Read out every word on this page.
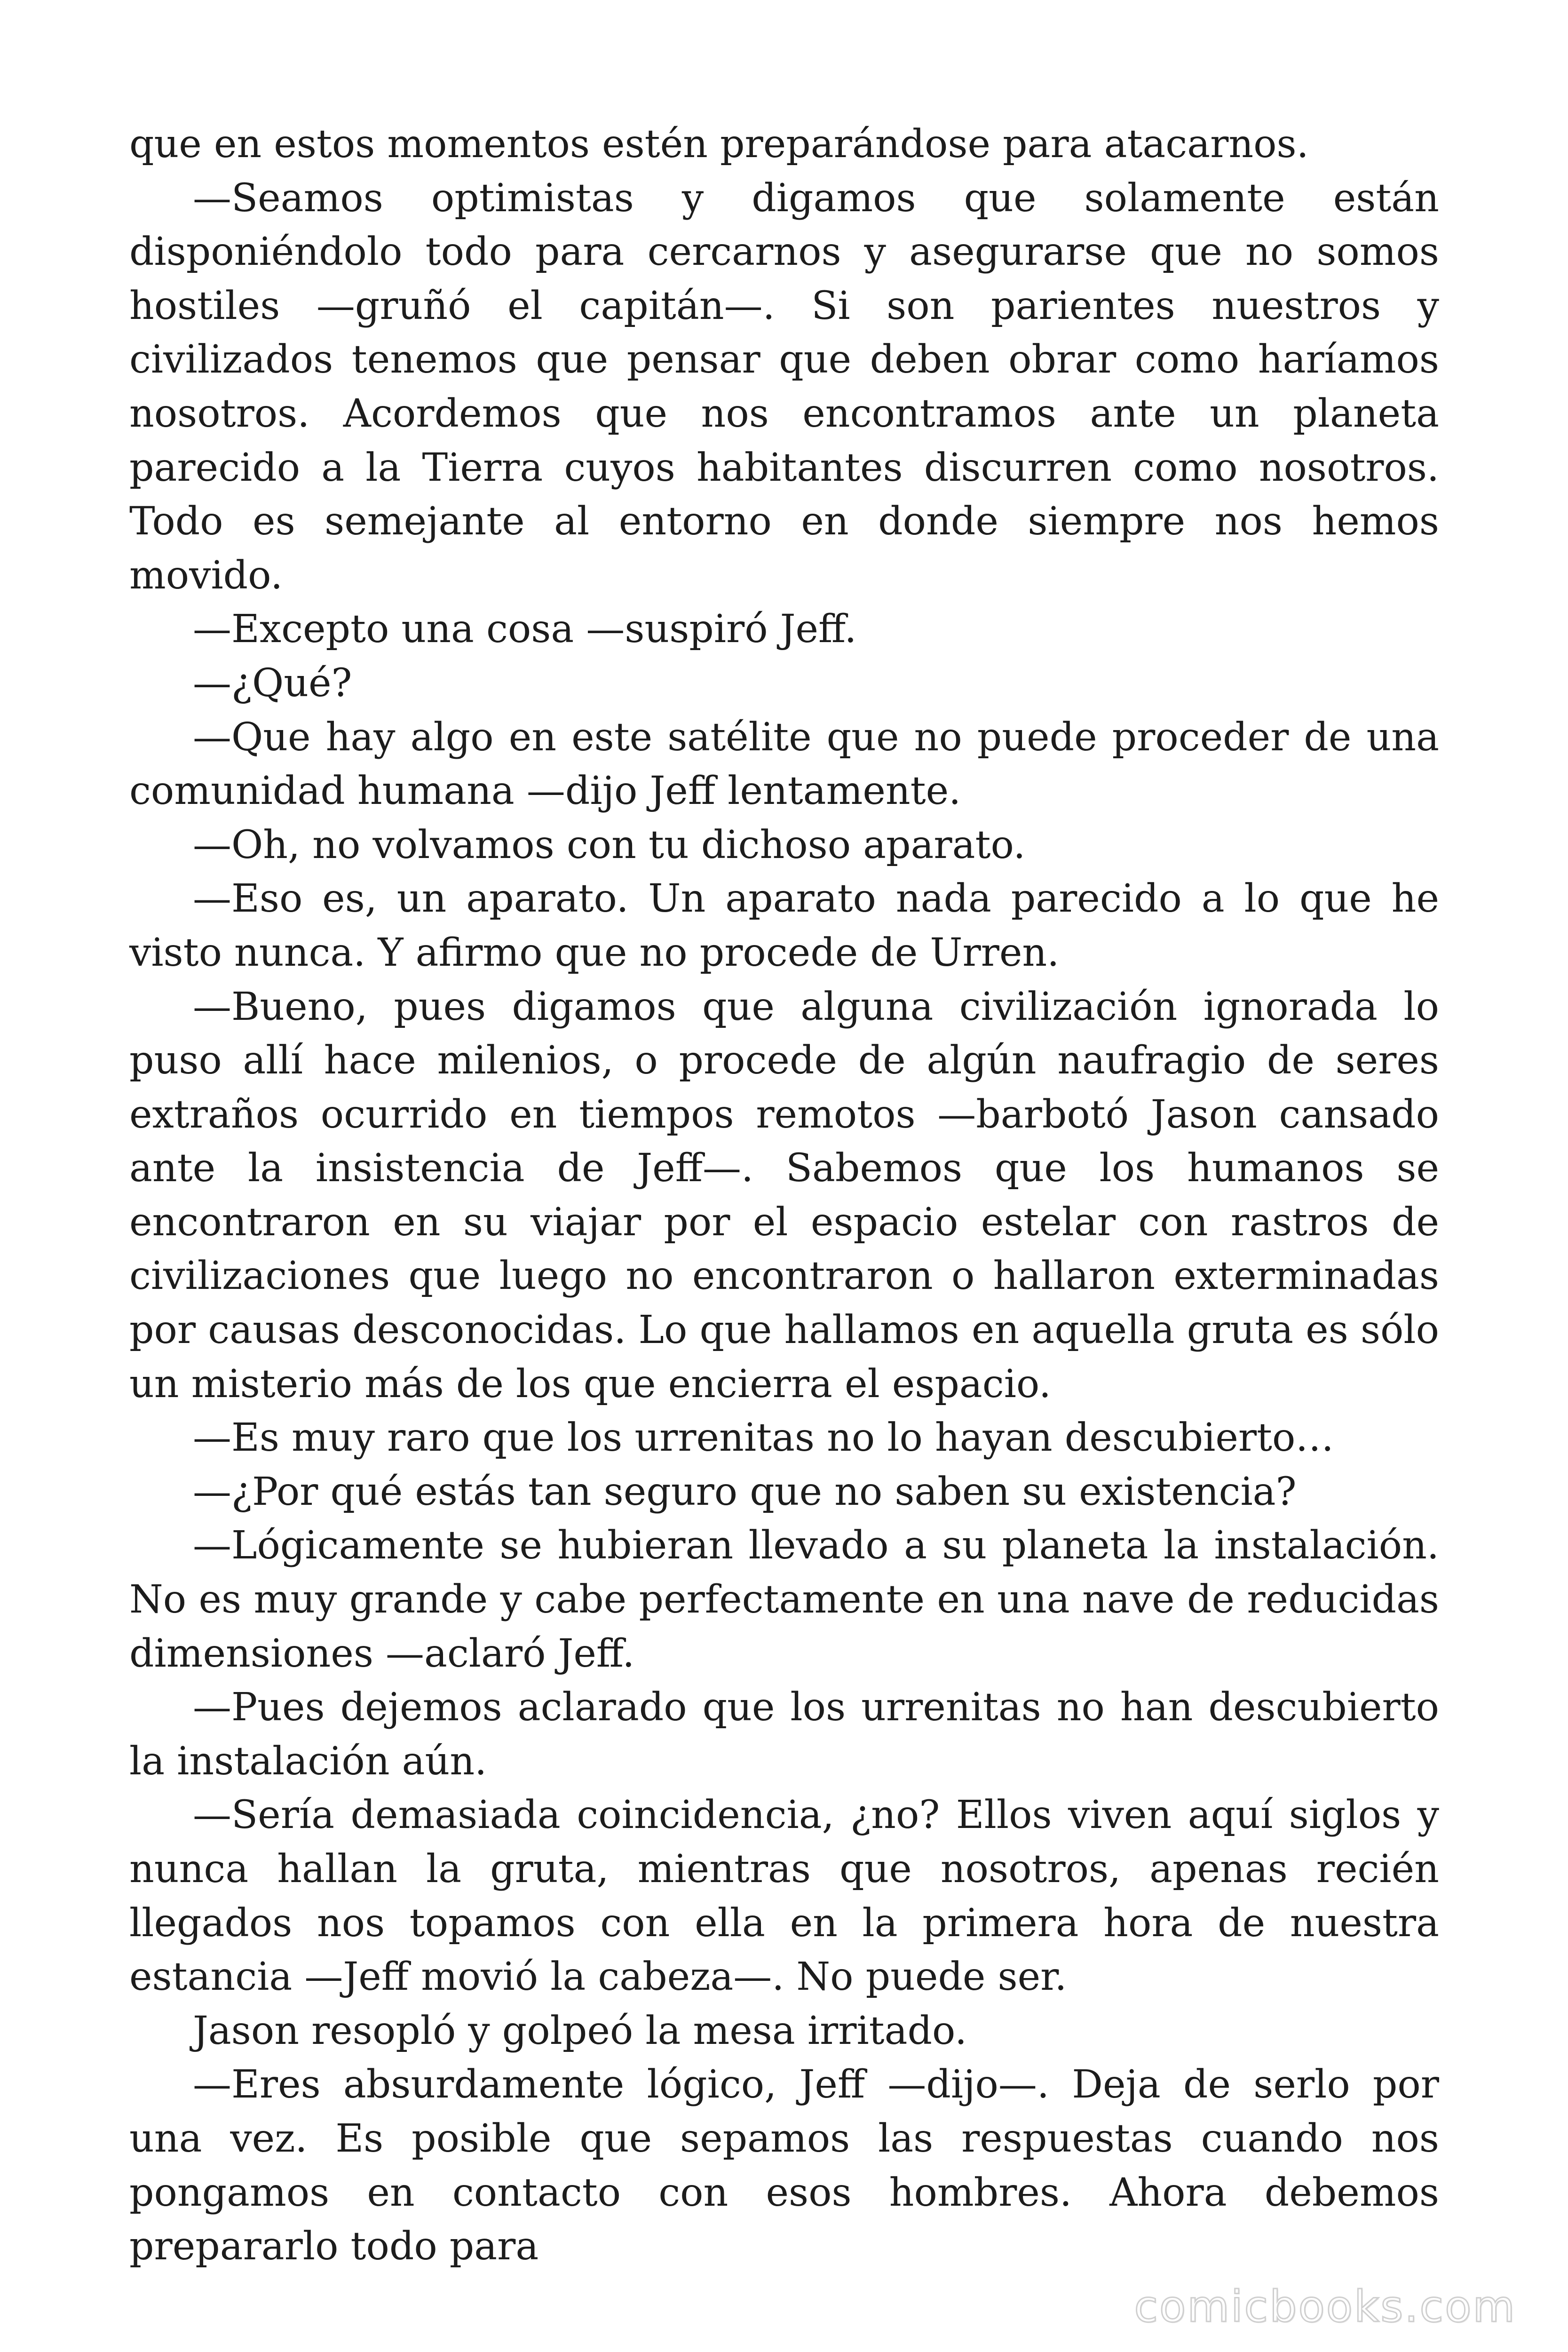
que en estos momentos estén preparándose para atacarnos.

—Seamos optimistas y digamos que solamente están disponiéndolo todo para cercarnos y asegurarse que no somos hostiles —gruñó el capitán—. Si son parientes nuestros y civilizados tenemos que pensar que deben obrar como haríamos nosotros. Acordemos que nos encontramos ante un planeta parecido a la Tierra cuyos habitantes discurren como nosotros. Todo es semejante al entorno en donde siempre nos hemos movido.

—Excepto una cosa —suspiró Jeff.

—¿Qué?

—Que hay algo en este satélite que no puede proceder de una comunidad humana —dijo Jeff lentamente.

—Oh, no volvamos con tu dichoso aparato.

—Eso es, un aparato. Un aparato nada parecido a lo que he visto nunca. Y afirmo que no procede de Urren.

—Bueno, pues digamos que alguna civilización ignorada lo puso allí hace milenios, o procede de algún naufragio de seres extraños ocurrido en tiempos remotos —barbotó Jason cansado ante la insistencia de Jeff—. Sabemos que los humanos se encontraron en su viajar por el espacio estelar con rastros de civilizaciones que luego no encontraron o hallaron exterminadas por causas desconocidas. Lo que hallamos en aquella gruta es sólo un misterio más de los que encierra el espacio.

—Es muy raro que los urrenitas no lo hayan descubierto…

—¿Por qué estás tan seguro que no saben su existencia?

—Lógicamente se hubieran llevado a su planeta la instalación. No es muy grande y cabe perfectamente en una nave de reducidas dimensiones —aclaró Jeff.

—Pues dejemos aclarado que los urrenitas no han descubierto la instalación aún.

—Sería demasiada coincidencia, ¿no? Ellos viven aquí siglos y nunca hallan la gruta, mientras que nosotros, apenas recién llegados nos topamos con ella en la primera hora de nuestra estancia —Jeff movió la cabeza—. No puede ser.

Jason resopló y golpeó la mesa irritado.

—Eres absurdamente lógico, Jeff —dijo—. Deja de serlo por una vez. Es posible que sepamos las respuestas cuando nos pongamos en contacto con esos hombres. Ahora debemos prepararlo todo para

comicbooks.com
